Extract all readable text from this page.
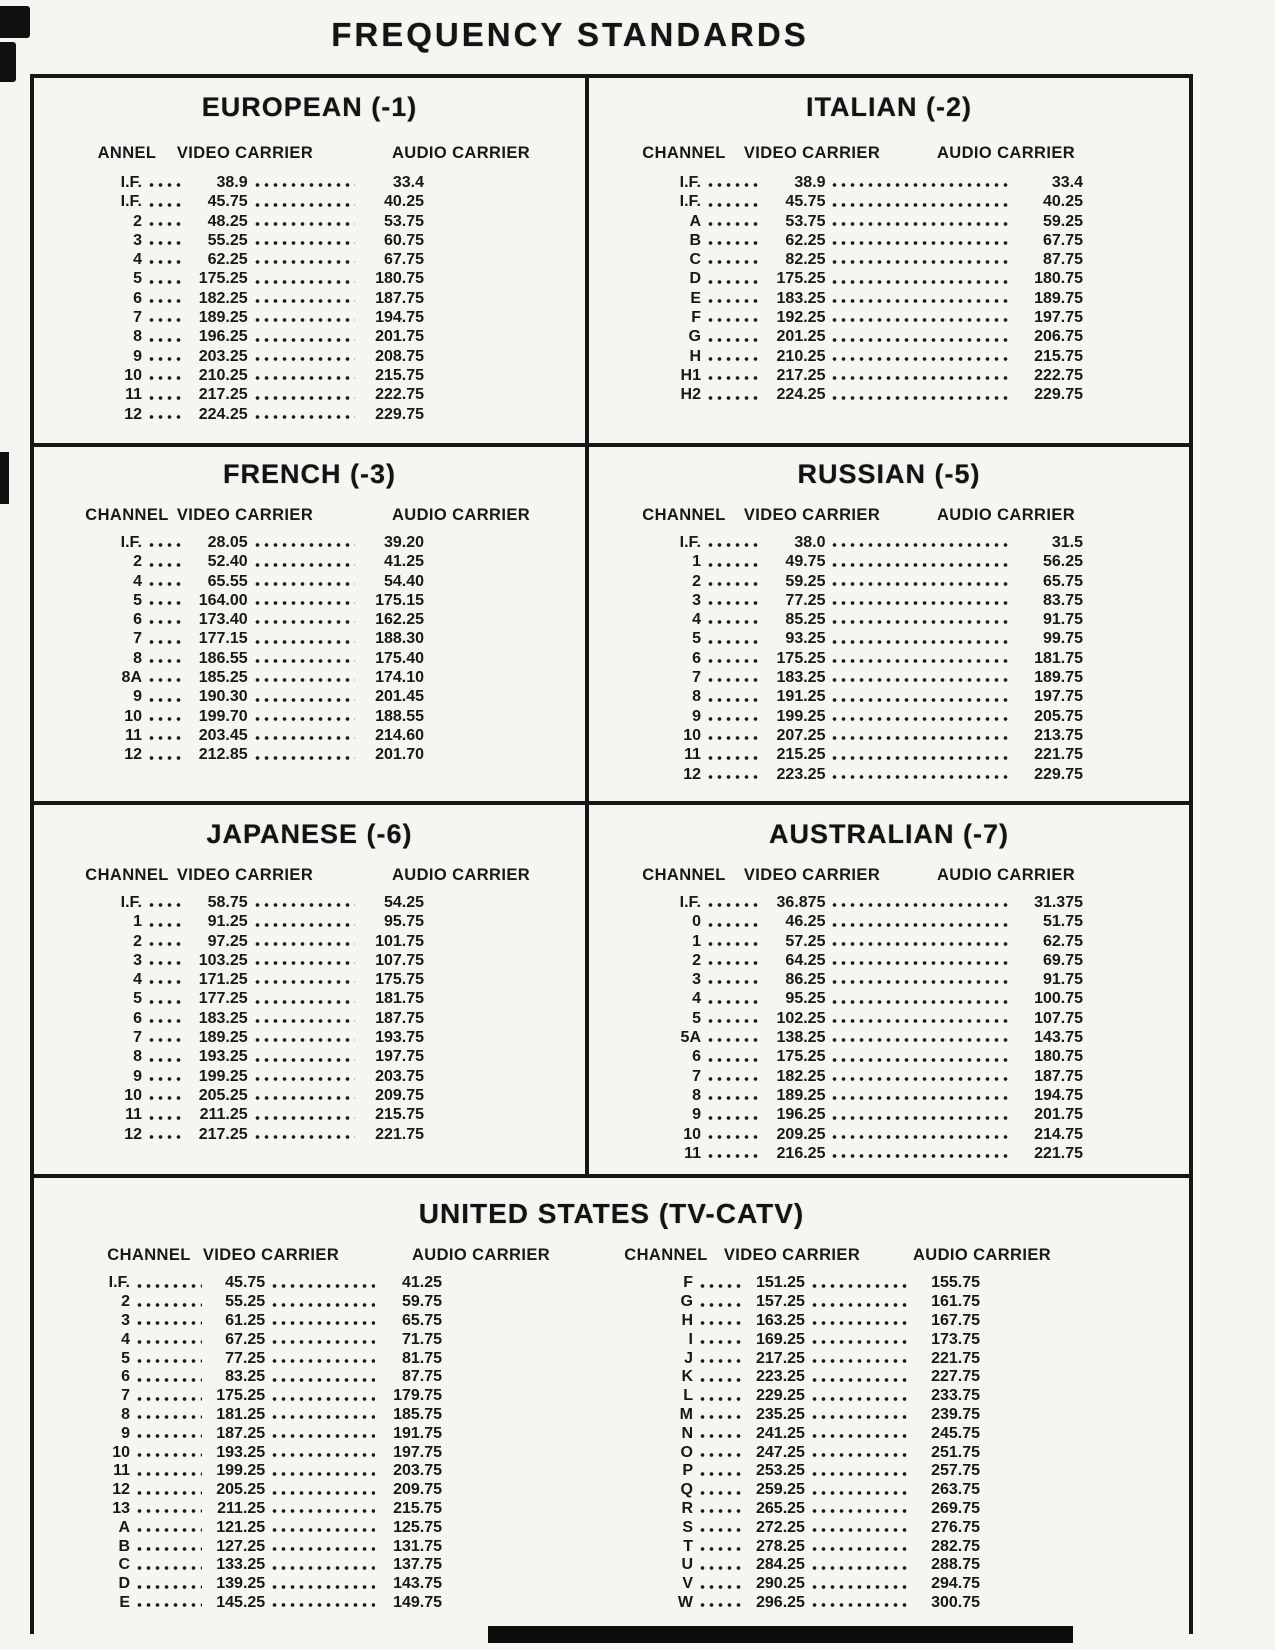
FREQUENCY STANDARDS
EUROPEAN (-1)
ANNEL	VIDEO CARRIER	AUDIO CARRIER
I.F.	38.9	33.4
I.F.	45.75	40.25
2	48.25	53.75
3	55.25	60.75
4	62.25	67.75
5	175.25	180.75
6	182.25	187.75
7	189.25	194.75
8	196.25	201.75
9	203.25	208.75
10	210.25	215.75
11	217.25	222.75
12	224.25	229.75
ITALIAN (-2)
CHANNEL	VIDEO CARRIER	AUDIO CARRIER
I.F.	38.9	33.4
I.F.	45.75	40.25
A	53.75	59.25
B	62.25	67.75
C	82.25	87.75
D	175.25	180.75
E	183.25	189.75
F	192.25	197.75
G	201.25	206.75
H	210.25	215.75
H1	217.25	222.75
H2	224.25	229.75
FRENCH (-3)
CHANNEL VIDEO CARRIER	AUDIO CARRIER
I.F.	28.05	39.20
2	52.40	41.25
4	65.55	54.40
5	164.00	175.15
6	173.40	162.25
7	177.15	188.30
8	186.55	175.40
8A	185.25	174.10
9	190.30	201.45
10	199.70	188.55
11	203.45	214.60
12	212.85	201.70
RUSSIAN (-5)
CHANNEL	VIDEO CARRIER	AUDIO CARRIER
I.F.	38.0	31.5
1	49.75	56.25
2	59.25	65.75
3	77.25	83.75
4	85.25	91.75
5	93.25	99.75
6	175.25	181.75
7	183.25	189.75
8	191.25	197.75
9	199.25	205.75
10	207.25	213.75
11	215.25	221.75
12	223.25	229.75
JAPANESE (-6)
CHANNEL VIDEO CARRIER	AUDIO CARRIER
I.F.	58.75	54.25
1	91.25	95.75
2	97.25	101.75
3	103.25	107.75
4	171.25	175.75
5	177.25	181.75
6	183.25	187.75
7	189.25	193.75
8	193.25	197.75
9	199.25	203.75
10	205.25	209.75
11	211.25	215.75
12	217.25	221.75
AUSTRALIAN (-7)
CHANNEL	VIDEO CARRIER	AUDIO CARRIER
I.F.	36.875	31.375
0	46.25	51.75
1	57.25	62.75
2	64.25	69.75
3	86.25	91.75
4	95.25	100.75
5	102.25	107.75
5A	138.25	143.75
6	175.25	180.75
7	182.25	187.75
8	189.25	194.75
9	196.25	201.75
10	209.25	214.75
11	216.25	221.75
UNITED STATES (TV-CATV)
CHANNEL VIDEO CARRIER	AUDIO CARRIER
I.F.	45.75	41.25
2	55.25	59.75
3	61.25	65.75
4	67.25	71.75
5	77.25	81.75
6	83.25	87.75
7	175.25	179.75
8	181.25	185.75
9	187.25	191.75
10	193.25	197.75
11	199.25	203.75
12	205.25	209.75
13	211.25	215.75
A	121.25	125.75
B	127.25	131.75
C	133.25	137.75
D	139.25	143.75
E	145.25	149.75
CHANNEL VIDEO CARRIER	AUDIO CARRIER
F	151.25	155.75
G	157.25	161.75
H	163.25	167.75
I	169.25	173.75
J	217.25	221.75
K	223.25	227.75
L	229.25	233.75
M	235.25	239.75
N	241.25	245.75
O	247.25	251.75
P	253.25	257.75
Q	259.25	263.75
R	265.25	269.75
S	272.25	276.75
T	278.25	282.75
U	284.25	288.75
V	290.25	294.75
W	296.25	300.75
